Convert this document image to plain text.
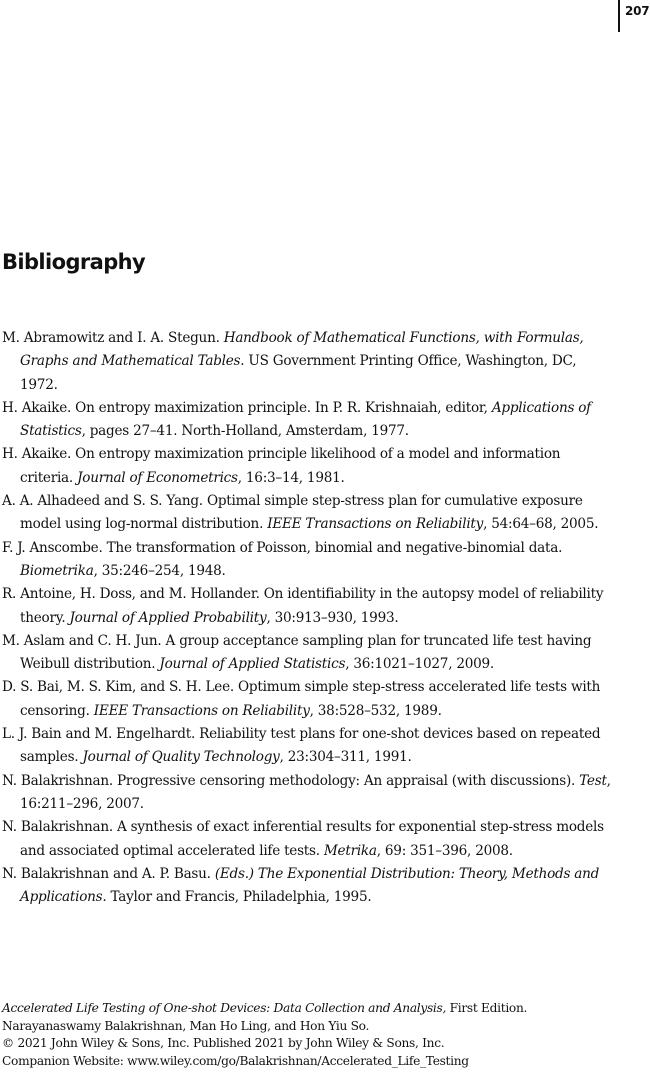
207
Bibliography
M. Abramowitz and I. A. Stegun. Handbook of Mathematical Functions, with Formulas, Graphs and Mathematical Tables. US Government Printing Office, Washington, DC, 1972.
H. Akaike. On entropy maximization principle. In P. R. Krishnaiah, editor, Applications of Statistics, pages 27–41. North-Holland, Amsterdam, 1977.
H. Akaike. On entropy maximization principle likelihood of a model and information criteria. Journal of Econometrics, 16:3–14, 1981.
A. A. Alhadeed and S. S. Yang. Optimal simple step-stress plan for cumulative exposure model using log-normal distribution. IEEE Transactions on Reliability, 54:64–68, 2005.
F. J. Anscombe. The transformation of Poisson, binomial and negative-binomial data. Biometrika, 35:246–254, 1948.
R. Antoine, H. Doss, and M. Hollander. On identifiability in the autopsy model of reliability theory. Journal of Applied Probability, 30:913–930, 1993.
M. Aslam and C. H. Jun. A group acceptance sampling plan for truncated life test having Weibull distribution. Journal of Applied Statistics, 36:1021–1027, 2009.
D. S. Bai, M. S. Kim, and S. H. Lee. Optimum simple step-stress accelerated life tests with censoring. IEEE Transactions on Reliability, 38:528–532, 1989.
L. J. Bain and M. Engelhardt. Reliability test plans for one-shot devices based on repeated samples. Journal of Quality Technology, 23:304–311, 1991.
N. Balakrishnan. Progressive censoring methodology: An appraisal (with discussions). Test, 16:211–296, 2007.
N. Balakrishnan. A synthesis of exact inferential results for exponential step-stress models and associated optimal accelerated life tests. Metrika, 69: 351–396, 2008.
N. Balakrishnan and A. P. Basu. (Eds.) The Exponential Distribution: Theory, Methods and Applications. Taylor and Francis, Philadelphia, 1995.
Accelerated Life Testing of One-shot Devices: Data Collection and Analysis, First Edition.
Narayanaswamy Balakrishnan, Man Ho Ling, and Hon Yiu So.
© 2021 John Wiley & Sons, Inc. Published 2021 by John Wiley & Sons, Inc.
Companion Website: www.wiley.com/go/Balakrishnan/Accelerated_Life_Testing
